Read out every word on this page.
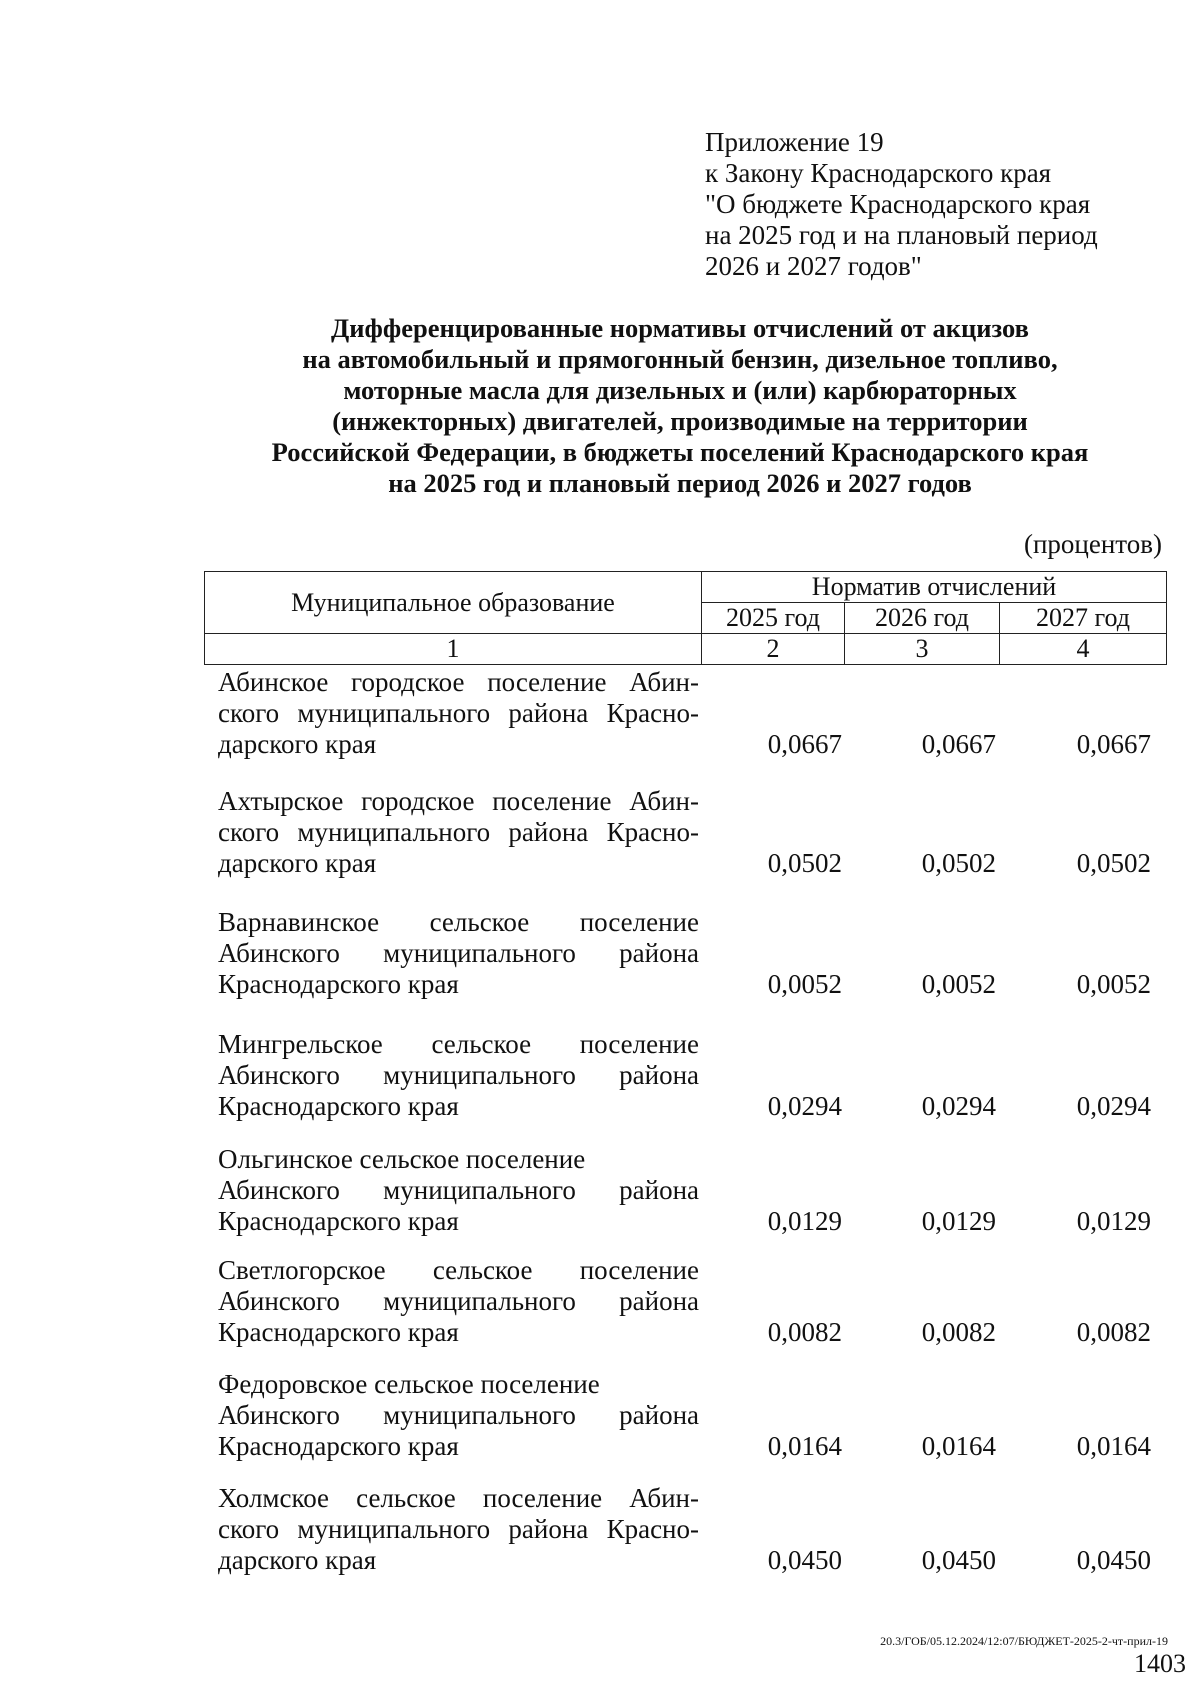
Приложение 19
к Закону Краснодарского края
"О бюджете Краснодарского края
на 2025 год и на плановый период
2026 и 2027 годов"
Дифференцированные нормативы отчислений от акцизов
на автомобильный и прямогонный бензин, дизельное топливо,
моторные масла для дизельных и (или) карбюраторных
(инжекторных) двигателей, производимые на территории
Российской Федерации, в бюджеты поселений Краснодарского края
на 2025 год и плановый период 2026 и 2027 годов
(процентов)
Муниципальное образование	Норматив отчислений		
	2025 год	2026 год	2027 год
1	2	3	4
Абинское городское поселение Абин-
ского муниципального района Красно-
дарского края	0,0667	0,0667	0,0667
Ахтырское городское поселение Абин-
ского муниципального района Красно-
дарского края	0,0502	0,0502	0,0502
Варнавинское сельское поселение
Абинского муниципального района
Краснодарского края	0,0052	0,0052	0,0052
Мингрельское сельское поселение
Абинского муниципального района
Краснодарского края	0,0294	0,0294	0,0294
Ольгинское сельское поселение
Абинского муниципального района
Краснодарского края	0,0129	0,0129	0,0129
Светлогорское сельское поселение
Абинского муниципального района
Краснодарского края	0,0082	0,0082	0,0082
Федоровское сельское поселение
Абинского муниципального района
Краснодарского края	0,0164	0,0164	0,0164
Холмское сельское поселение Абин-
ского муниципального района Красно-
дарского края	0,0450	0,0450	0,0450
20.3/ГОБ/05.12.2024/12:07/БЮДЖЕТ-2025-2-чт-прил-19
1403
